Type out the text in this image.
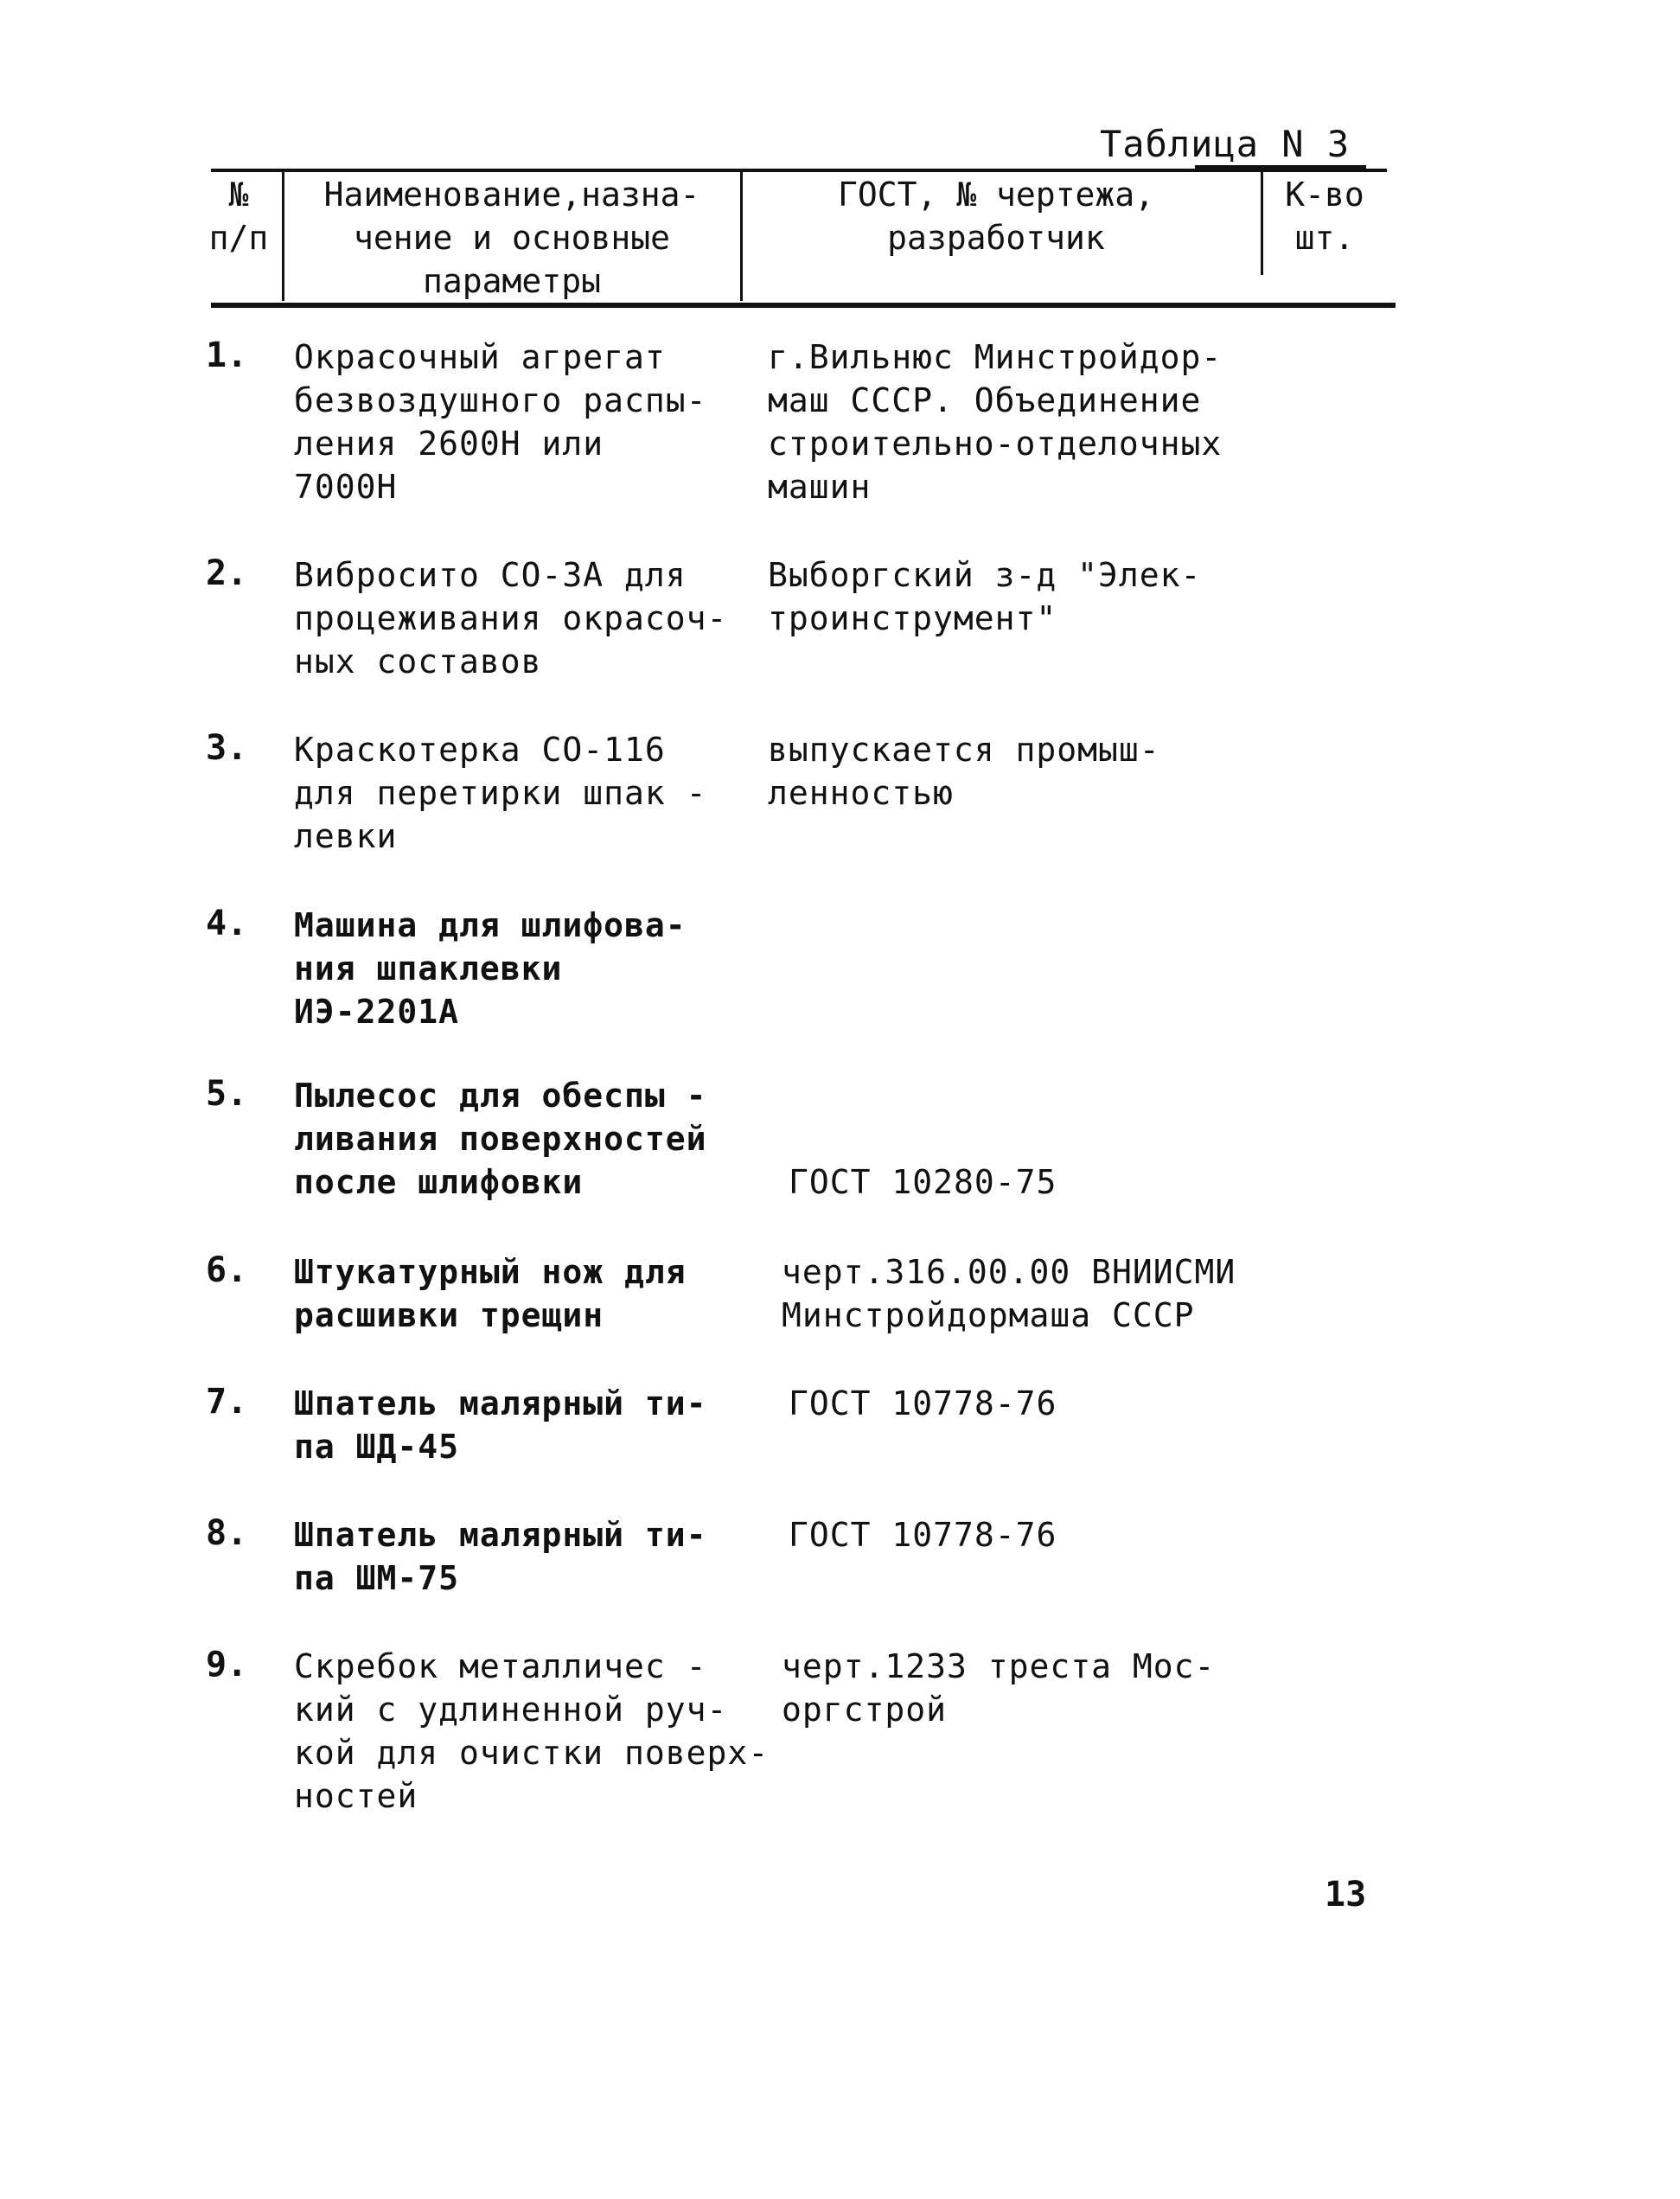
Таблица N 3
№
п/п
Наименование,назна-
чение и основные
параметры
ГОСТ, № чертежа,
разработчик
К-во
шт.
1. Окрасочный агрегат
безвоздушного распы-
ления 2600Н или
7000Н
г.Вильнюс Минстройдор-
маш СССР. Объединение
строительно-отделочных
машин
2. Вибросито СО-3А для
процеживания окрасоч-
ных составов
Выборгский з-д "Элек-
троинструмент"
3. Краскотерка СО-116
для перетирки шпак -
левки
выпускается промыш-
ленностью
4. Машина для шлифова-
ния шпаклевки
ИЭ-2201А
5. Пылесос для обеспы -
ливания поверхностей
после шлифовки	ГОСТ 10280-75
6. Штукатурный нож для
расшивки трещин
черт.316.00.00 ВНИИСМИ
Минстройдормаша СССР
7. Шпатель малярный ти-
па ШД-45
ГОСТ 10778-76
8. Шпатель малярный ти-
па ШМ-75
ГОСТ 10778-76
9. Скребок металличес -
кий с удлиненной руч-
кой для очистки поверх-
ностей
черт.1233 треста Мос-
оргстрой
13
